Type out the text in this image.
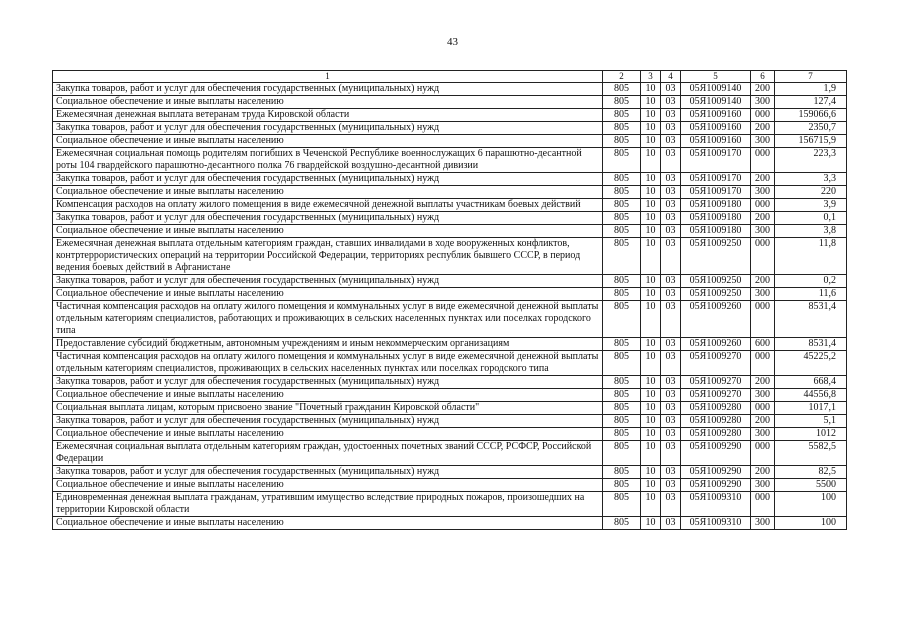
43
1	2	3	4	5	6	7
Закупка товаров, работ и услуг для обеспечения государственных (муниципальных) нужд	805	10	03	05Я1009140	200	1,9
Социальное обеспечение и иные выплаты населению	805	10	03	05Я1009140	300	127,4
Ежемесячная денежная выплата ветеранам труда Кировской области	805	10	03	05Я1009160	000	159066,6
Закупка товаров, работ и услуг для обеспечения государственных (муниципальных) нужд	805	10	03	05Я1009160	200	2350,7
Социальное обеспечение и иные выплаты населению	805	10	03	05Я1009160	300	156715,9
Ежемесячная социальная помощь родителям погибших в Чеченской Республике военнослужащих 6 парашютно-десантной роты 104 гвардейского парашютно-десантного полка 76 гвардейской воздушно-десантной дивизии	805	10	03	05Я1009170	000	223,3
Закупка товаров, работ и услуг для обеспечения государственных (муниципальных) нужд	805	10	03	05Я1009170	200	3,3
Социальное обеспечение и иные выплаты населению	805	10	03	05Я1009170	300	220
Компенсация расходов на оплату жилого помещения в виде ежемесячной денежной выплаты участникам боевых действий	805	10	03	05Я1009180	000	3,9
Закупка товаров, работ и услуг для обеспечения государственных (муниципальных) нужд	805	10	03	05Я1009180	200	0,1
Социальное обеспечение и иные выплаты населению	805	10	03	05Я1009180	300	3,8
Ежемесячная денежная выплата отдельным категориям граждан, ставших инвалидами в ходе вооруженных конфликтов, контртеррористических операций на территории Российской Федерации, территориях республик бывшего СССР, в период ведения боевых действий в Афганистане	805	10	03	05Я1009250	000	11,8
Закупка товаров, работ и услуг для обеспечения государственных (муниципальных) нужд	805	10	03	05Я1009250	200	0,2
Социальное обеспечение и иные выплаты населению	805	10	03	05Я1009250	300	11,6
Частичная компенсация расходов на оплату жилого помещения и коммунальных услуг в виде ежемесячной денежной выплаты отдельным категориям специалистов, работающих и проживающих в сельских населенных пунктах или поселках городского типа	805	10	03	05Я1009260	000	8531,4
Предоставление субсидий бюджетным, автономным учреждениям и иным некоммерческим организациям	805	10	03	05Я1009260	600	8531,4
Частичная компенсация расходов на оплату жилого помещения и коммунальных услуг в виде ежемесячной денежной выплаты отдельным категориям специалистов, проживающих в сельских населенных пунктах или поселках городского типа	805	10	03	05Я1009270	000	45225,2
Закупка товаров, работ и услуг для обеспечения государственных (муниципальных) нужд	805	10	03	05Я1009270	200	668,4
Социальное обеспечение и иные выплаты населению	805	10	03	05Я1009270	300	44556,8
Социальная выплата лицам, которым присвоено звание "Почетный гражданин Кировской области"	805	10	03	05Я1009280	000	1017,1
Закупка товаров, работ и услуг для обеспечения государственных (муниципальных) нужд	805	10	03	05Я1009280	200	5,1
Социальное обеспечение и иные выплаты населению	805	10	03	05Я1009280	300	1012
Ежемесячная социальная выплата отдельным категориям граждан, удостоенных почетных званий СССР, РСФСР, Российской Федерации	805	10	03	05Я1009290	000	5582,5
Закупка товаров, работ и услуг для обеспечения государственных (муниципальных) нужд	805	10	03	05Я1009290	200	82,5
Социальное обеспечение и иные выплаты населению	805	10	03	05Я1009290	300	5500
Единовременная денежная выплата гражданам, утратившим имущество вследствие природных пожаров, произошедших на территории Кировской области	805	10	03	05Я1009310	000	100
Социальное обеспечение и иные выплаты населению	805	10	03	05Я1009310	300	100
